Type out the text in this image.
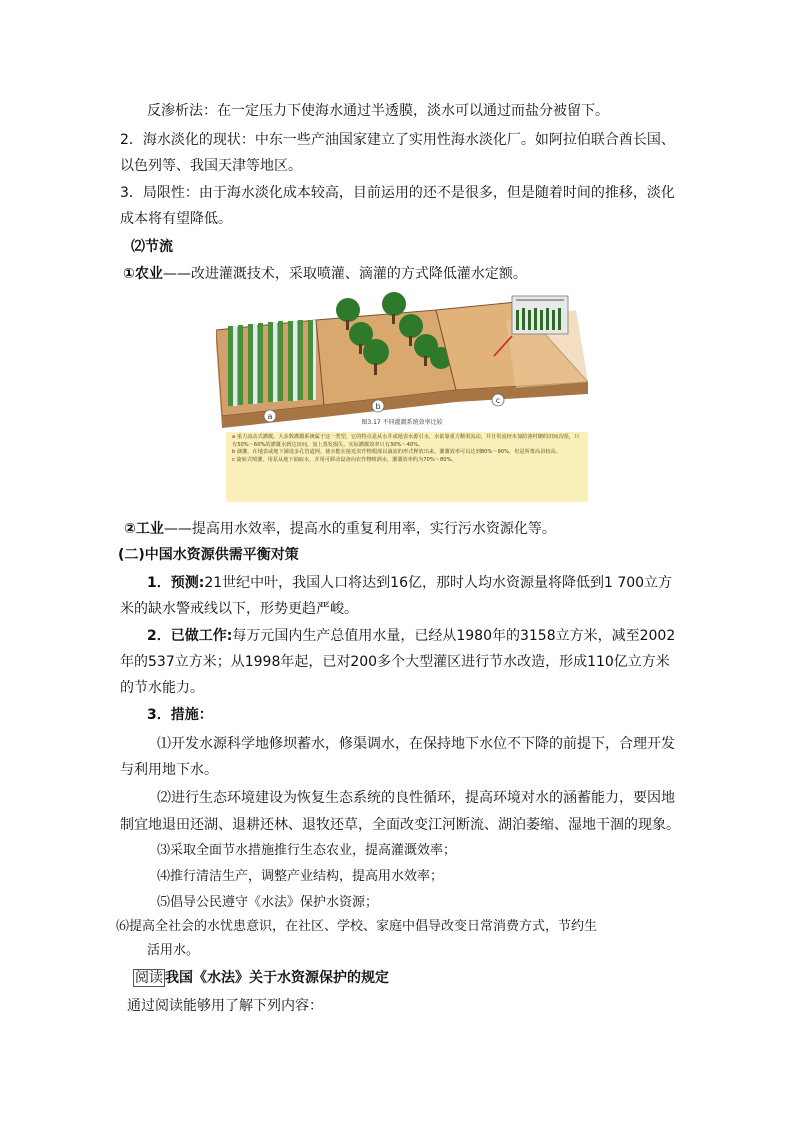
反渗析法：在一定压力下使海水通过半透膜，淡水可以通过而盐分被留下。
2．海水淡化的现状：中东一些产油国家建立了实用性海水淡化厂。如阿拉伯联合酋长国、
以色列等、我国天津等地区。
3．局限性：由于海水淡化成本较高，目前运用的还不是很多，但是随着时间的推移，淡化
成本将有望降低。
⑵节流
①农业——改进灌溉技术，采取喷灌、滴灌的方式降低灌水定额。
a
b
c
图3.17 不同灌溉系统效率比较
a 重力流动式灌溉。大多数灌溉系统属于这一类型，它的特点是从水井或地表水源引水，水依靠重力顺渠流动，并且常流经未加防渗衬砌的田间沟渠，只有50%～60%的灌溉水到达田间，加上蒸发损失，实际灌溉效率只有30%～40%。
b 滴灌。在地表或地下铺设多孔管道网，使水能在接近农作物根部以滴流的形式释放出来，灌溉效率可以达到80%～90%，但是所费高昂较高。
c 旋转式喷灌。用泵从地下抽取水，并用可移动设备向农作物喷洒水，灌溉效率约为70%～80%。
②工业——提高用水效率，提高水的重复利用率，实行污水资源化等。
(二)中国水资源供需平衡对策
1．预测:21世纪中叶，我国人口将达到16亿，那时人均水资源量将降低到1 700立方
米的缺水警戒线以下，形势更趋严峻。
2．已做工作:每万元国内生产总值用水量，已经从1980年的3158立方米，减至2002
年的537立方米；从1998年起，已对200多个大型灌区进行节水改造，形成110亿立方米
的节水能力。
3．措施：
⑴开发水源科学地修坝蓄水，修渠调水，在保持地下水位不下降的前提下，合理开发
与利用地下水。
⑵进行生态环境建设为恢复生态系统的良性循环，提高环境对水的涵蓄能力，要因地
制宜地退田还湖、退耕还林、退牧还草，全面改变江河断流、湖泊萎缩、湿地干涸的现象。
⑶采取全面节水措施推行生态农业，提高灌溉效率；
⑷推行清洁生产，调整产业结构，提高用水效率；
⑸倡导公民遵守《水法》保护水资源；
⑹提高全社会的水忧患意识，在社区、学校、家庭中倡导改变日常消费方式，节约生
活用水。
阅读 我国《水法》关于水资源保护的规定
通过阅读能够用了解下列内容：
